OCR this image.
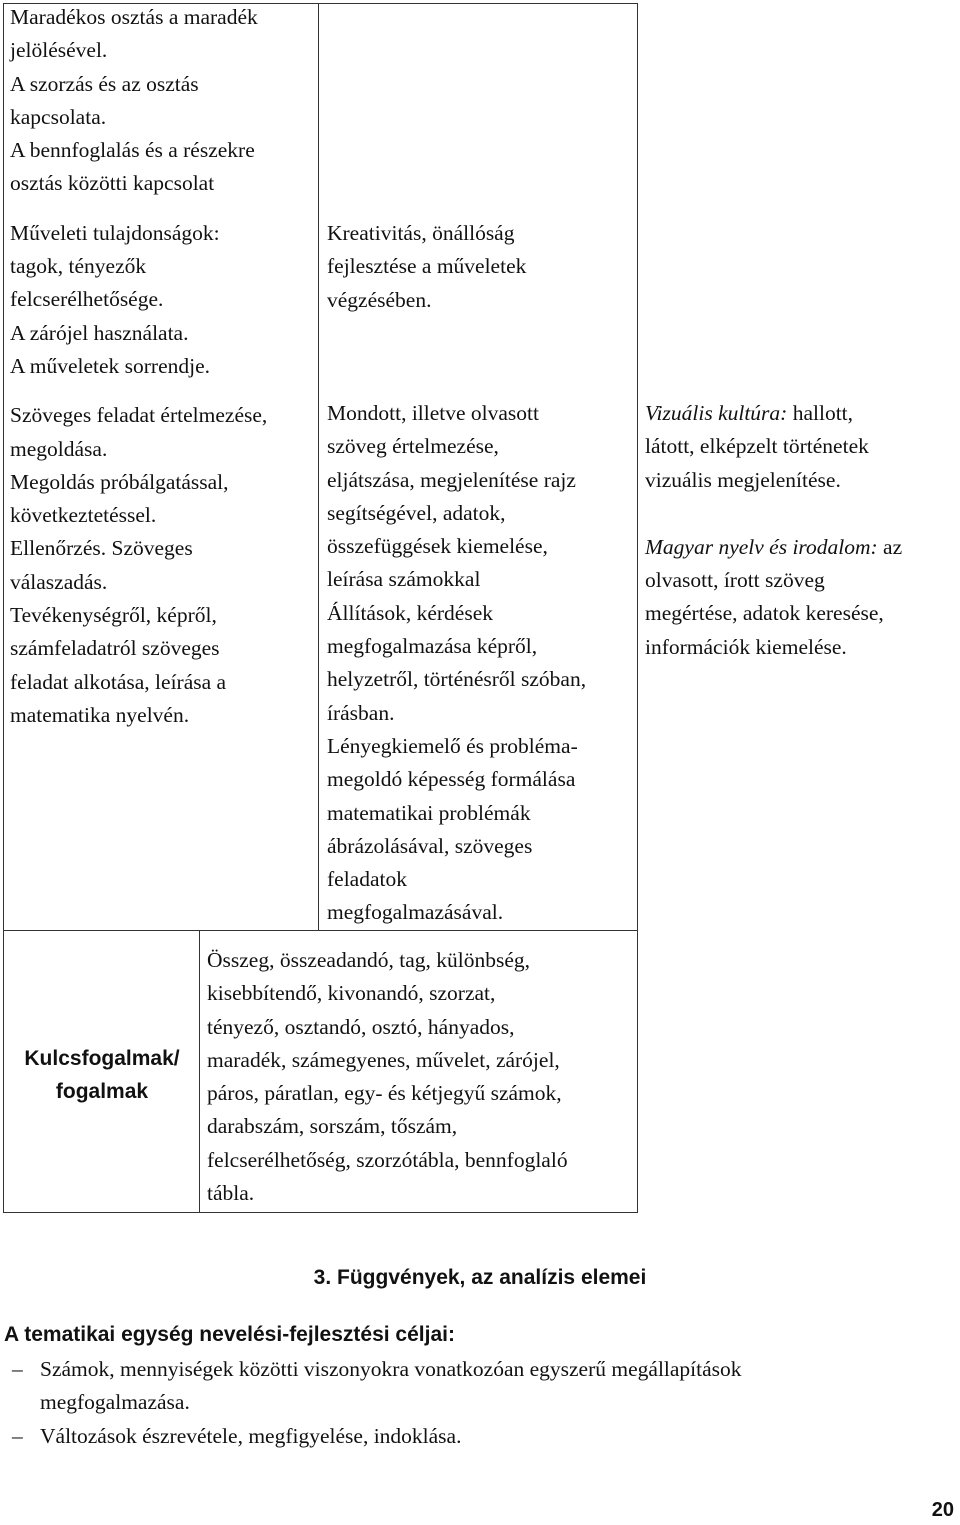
Maradékos osztás a maradék
jelölésével.
A szorzás és az osztás
kapcsolata.
A bennfoglalás és a részekre
osztás közötti kapcsolat
Műveleti tulajdonságok:
tagok, tényezők
felcserélhetősége.
A zárójel használata.
A műveletek sorrendje.
Szöveges feladat értelmezése,
megoldása.
Megoldás próbálgatással,
következtetéssel.
Ellenőrzés. Szöveges
válaszadás.
Tevékenységről, képről,
számfeladatról szöveges
feladat alkotása, leírása a
matematika nyelvén.
Kreativitás, önállóság
fejlesztése a műveletek
végzésében.
Mondott, illetve olvasott
szöveg értelmezése,
eljátszása, megjelenítése rajz
segítségével, adatok,
összefüggések kiemelése,
leírása számokkal
Állítások, kérdések
megfogalmazása képről,
helyzetről, történésről szóban,
írásban.
Lényegkiemelő és probléma-
megoldó képesség formálása
matematikai problémák
ábrázolásával, szöveges
feladatok
megfogalmazásával.
Vizuális kultúra: hallott,
látott, elképzelt történetek
vizuális megjelenítése.
Magyar nyelv és irodalom: az
olvasott, írott szöveg
megértése, adatok keresése,
információk kiemelése.
Kulcsfogalmak/
fogalmak
Összeg, összeadandó, tag, különbség,
kisebbítendő, kivonandó, szorzat,
tényező, osztandó, osztó, hányados,
maradék, számegyenes, művelet, zárójel,
páros, páratlan, egy- és kétjegyű számok,
darabszám, sorszám, tőszám,
felcserélhetőség, szorzótábla, bennfoglaló
tábla.
3. Függvények, az analízis elemei
A tematikai egység nevelési-fejlesztési céljai:
– Számok, mennyiségek közötti viszonyokra vonatkozóan egyszerű megállapítások
megfogalmazása.
– Változások észrevétele, megfigyelése, indoklása.
20
